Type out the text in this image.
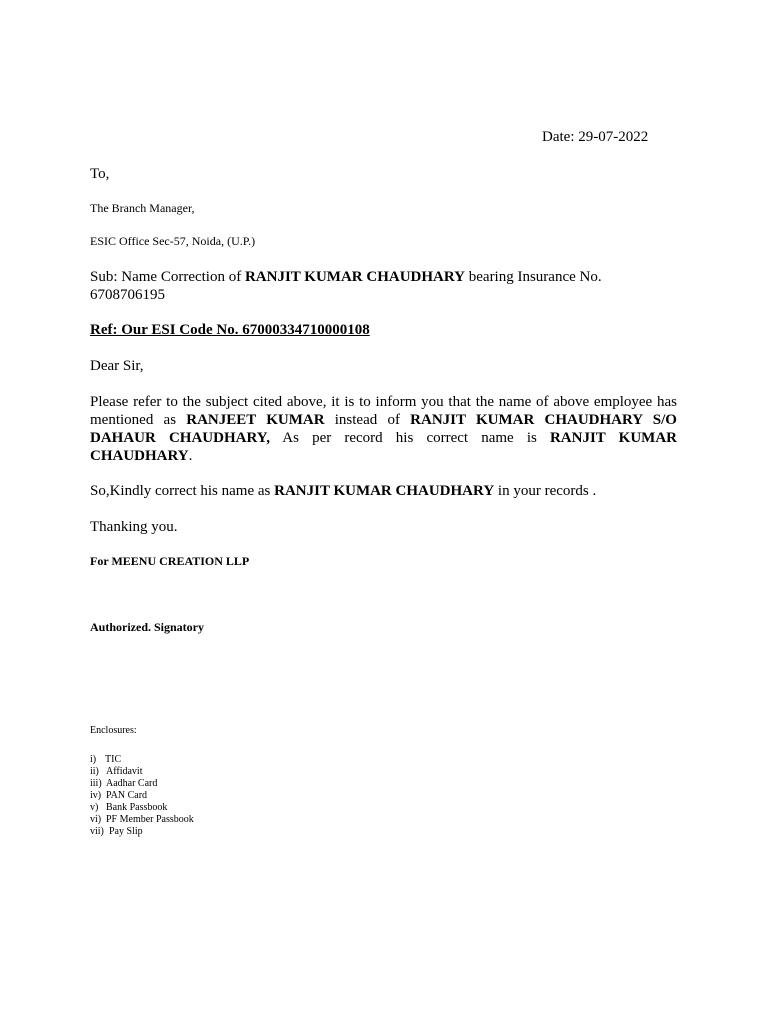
Date: 29-07-2022
To,
The Branch Manager,
ESIC Office Sec-57, Noida, (U.P.)
Sub: Name Correction of RANJIT KUMAR CHAUDHARY bearing Insurance No. 6708706195
Ref: Our ESI Code No. 67000334710000108
Dear Sir,
Please refer to the subject cited above, it is to inform you that the name of above employee has mentioned as RANJEET KUMAR instead of RANJIT KUMAR CHAUDHARY S/O DAHAUR CHAUDHARY, As per record his correct name is RANJIT KUMAR CHAUDHARY.
So,Kindly correct his name as RANJIT KUMAR CHAUDHARY in your records .
Thanking you.
For MEENU CREATION LLP
Authorized. Signatory
Enclosures:
i) TIC
ii) Affidavit
iii) Aadhar Card
iv) PAN Card
v) Bank Passbook
vi) PF Member Passbook
vii) Pay Slip
